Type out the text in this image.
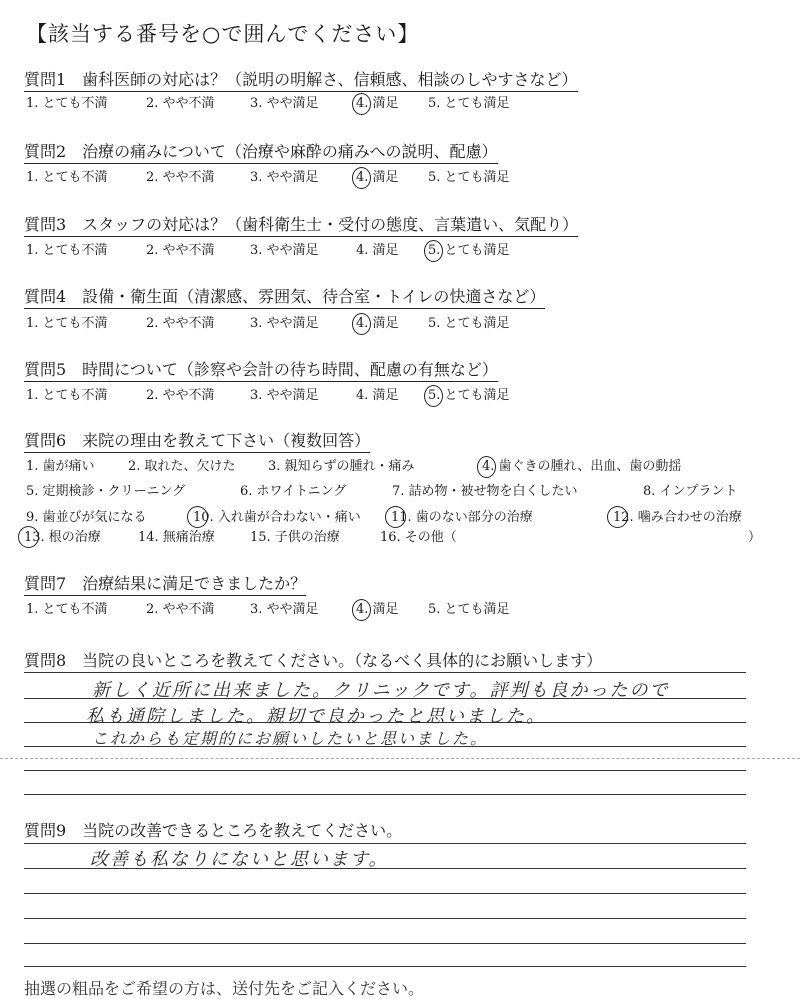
【該当する番号を○で囲んでください】
質問1　歯科医師の対応は？（説明の明解さ、信頼感、相談のしやすさなど）
1. とても不満	2. やや不満	3. やや満足	4. 満足 5. とても満足
質問2　治療の痛みについて（治療や麻酔の痛みへの説明、配慮）
1. とても不満	2. やや不満	3. やや満足	4. 満足 5. とても満足
質問3　スタッフの対応は？（歯科衛生士・受付の態度、言葉遣い、気配り）
1. とても不満	2. やや不満	3. やや満足	4. 満足 5. とても満足
質問4　設備・衛生面（清潔感、雰囲気、待合室・トイレの快適さなど）
1. とても不満	2. やや不満	3. やや満足	4. 満足 5. とても満足
質問5　時間について（診察や会計の待ち時間、配慮の有無など）
1. とても不満	2. やや不満	3. やや満足	4. 満足 5. とても満足
質問6　来院の理由を教えて下さい（複数回答）
1. 歯が痛い	2. 取れた、欠けた 3. 親知らずの腫れ・痛み	4. 歯ぐきの腫れ、出血、歯の動揺
5. 定期検診・クリーニング	6. ホワイトニング	7. 詰め物・被せ物を白くしたい	8. インプラント
9. 歯並びが気になる	10. 入れ歯が合わない・痛い 11. 歯のない部分の治療	12. 噛み合わせの治療
13. 根の治療	14. 無痛治療	15. 子供の治療	16. その他（	）
質問7　治療結果に満足できましたか？
1. とても不満	2. やや不満	3. やや満足	4. 満足 5. とても満足
質問8　当院の良いところを教えてください。（なるべく具体的にお願いします）
新しく近所に出来ました。クリニックです。評判も良かったので
私も通院しました。親切で良かったと思いました。
これからも定期的にお願いしたいと思いました。
質問9　当院の改善できるところを教えてください。
改善も私なりにないと思います。
抽選の粗品をご希望の方は、送付先をご記入ください。
